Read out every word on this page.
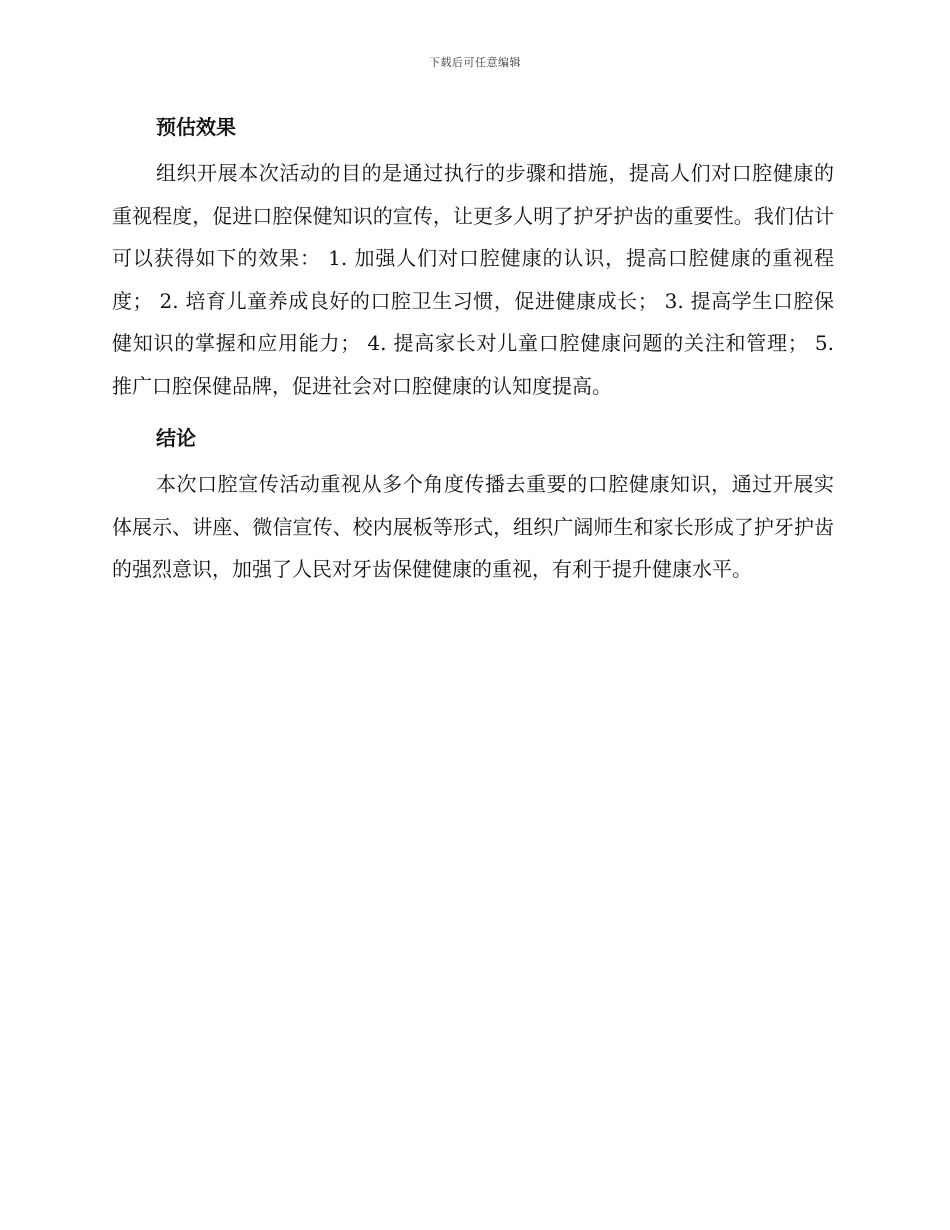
下载后可任意编辑
预估效果

组织开展本次活动的目的是通过执行的步骤和措施，提高人们对口腔健康的重视程度，促进口腔保健知识的宣传，让更多人明了护牙护齿的重要性。我们估计可以获得如下的效果： 1. 加强人们对口腔健康的认识，提高口腔健康的重视程度； 2. 培育儿童养成良好的口腔卫生习惯，促进健康成长； 3. 提高学生口腔保健知识的掌握和应用能力； 4. 提高家长对儿童口腔健康问题的关注和管理； 5. 推广口腔保健品牌，促进社会对口腔健康的认知度提高。

结论

本次口腔宣传活动重视从多个角度传播去重要的口腔健康知识，通过开展实体展示、讲座、微信宣传、校内展板等形式，组织广阔师生和家长形成了护牙护齿的强烈意识，加强了人民对牙齿保健健康的重视，有利于提升健康水平。
